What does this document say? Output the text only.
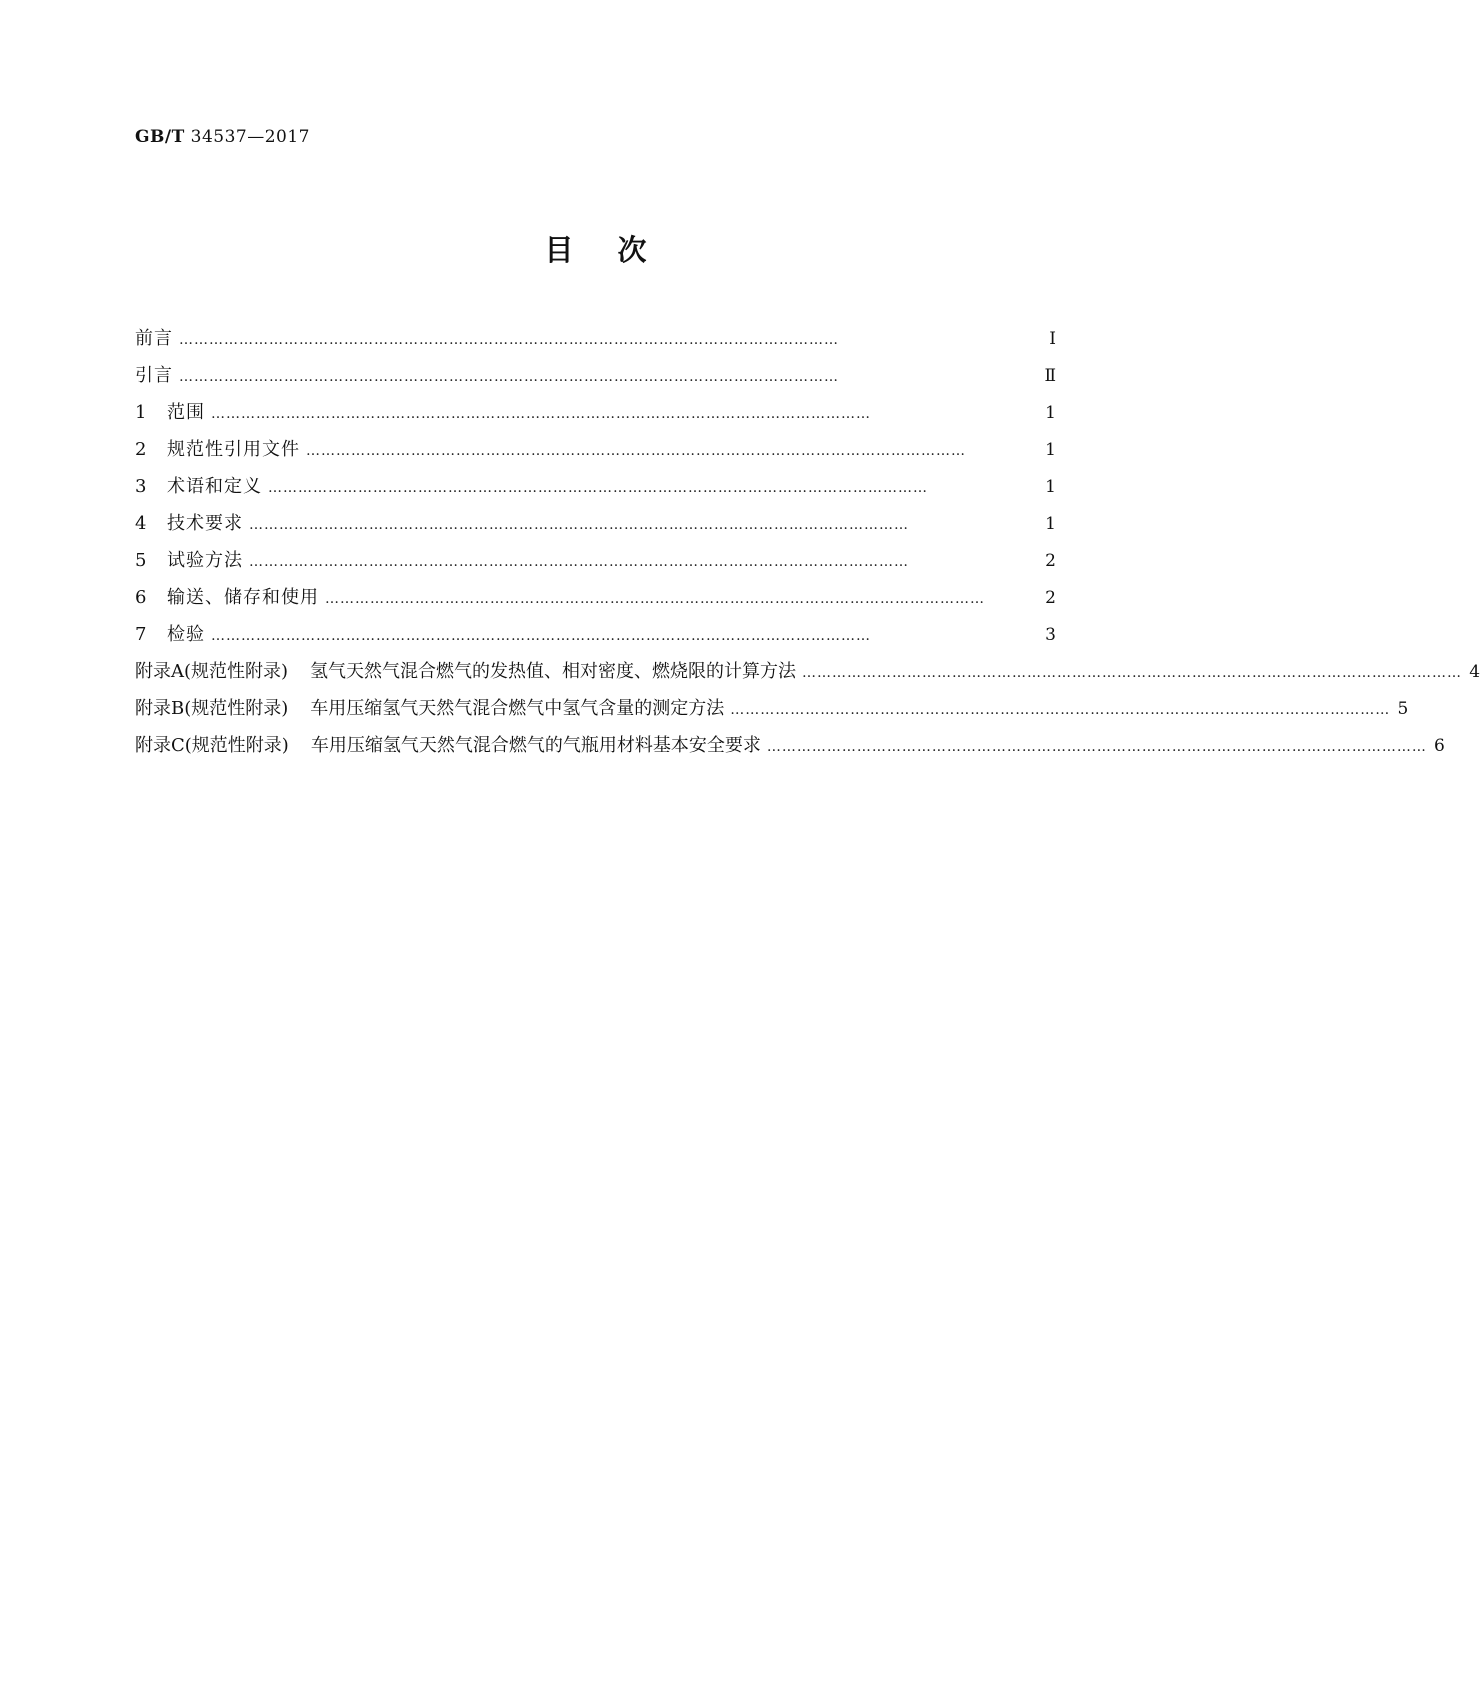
GB/T 34537—2017
目次
前言 ……………………………………………………………………………………………………………………	Ⅰ
引言 ……………………………………………………………………………………………………………………	Ⅱ
1	范围 ……………………………………………………………………………………………………………………	1
2	规范性引用文件 ……………………………………………………………………………………………………………………	1
3	术语和定义 ……………………………………………………………………………………………………………………	1
4	技术要求 ……………………………………………………………………………………………………………………	1
5	试验方法 ……………………………………………………………………………………………………………………	2
6	输送、储存和使用 ……………………………………………………………………………………………………………………	2
7	检验 ……………………………………………………………………………………………………………………	3
附录A(规范性附录) 氢气天然气混合燃气的发热值、相对密度、燃烧限的计算方法 …………………………………………………………………………………………………………………… 4
附录B(规范性附录) 车用压缩氢气天然气混合燃气中氢气含量的测定方法 …………………………………………………………………………………………………………………… 5
附录C(规范性附录) 车用压缩氢气天然气混合燃气的气瓶用材料基本安全要求 …………………………………………………………………………………………………………………… 6
